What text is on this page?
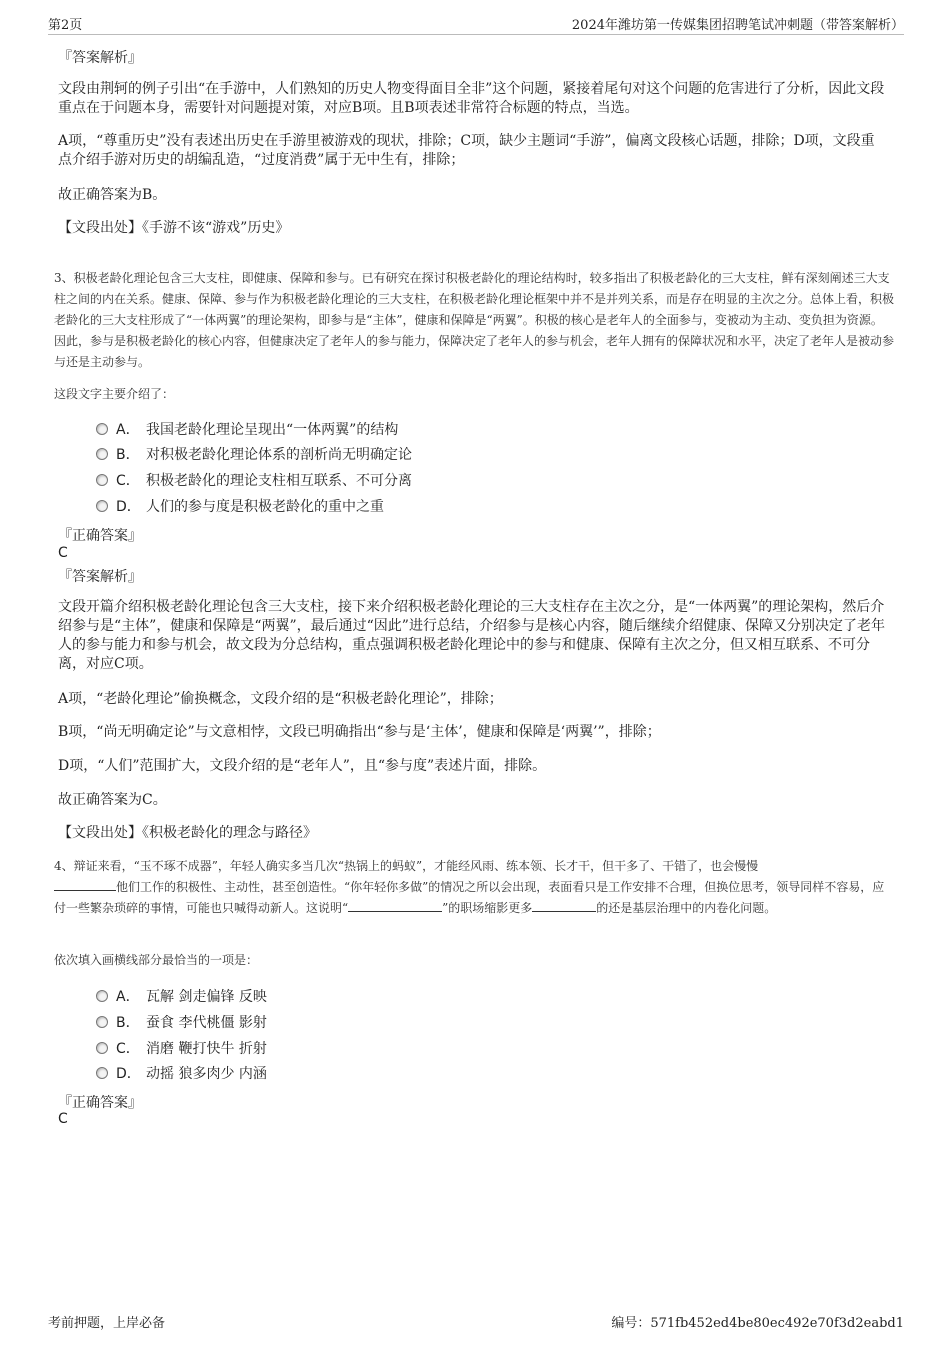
第2页	2024年潍坊第一传媒集团招聘笔试冲刺题（带答案解析）
『答案解析』
文段由荆轲的例子引出“在手游中，人们熟知的历史人物变得面目全非”这个问题，紧接着尾句对这个问题的危害进行了分析，因此文段重点在于问题本身，需要针对问题提对策，对应B项。且B项表述非常符合标题的特点，当选。
A项，“尊重历史”没有表述出历史在手游里被游戏的现状，排除；C项，缺少主题词“手游”，偏离文段核心话题，排除；D项，文段重点介绍手游对历史的胡编乱造，“过度消费”属于无中生有，排除；
故正确答案为B。
【文段出处】《手游不该“游戏”历史》
3、积极老龄化理论包含三大支柱，即健康、保障和参与。已有研究在探讨积极老龄化的理论结构时，较多指出了积极老龄化的三大支柱，鲜有深刻阐述三大支柱之间的内在关系。健康、保障、参与作为积极老龄化理论的三大支柱，在积极老龄化理论框架中并不是并列关系，而是存在明显的主次之分。总体上看，积极老龄化的三大支柱形成了“一体两翼”的理论架构，即参与是“主体”，健康和保障是“两翼”。积极的核心是老年人的全面参与，变被动为主动、变负担为资源。因此，参与是积极老龄化的核心内容，但健康决定了老年人的参与能力，保障决定了老年人的参与机会，老年人拥有的保障状况和水平，决定了老年人是被动参与还是主动参与。
这段文字主要介绍了：
A． 我国老龄化理论呈现出“一体两翼”的结构
B． 对积极老龄化理论体系的剖析尚无明确定论
C． 积极老龄化的理论支柱相互联系、不可分离
D． 人们的参与度是积极老龄化的重中之重
『正确答案』
C
『答案解析』
文段开篇介绍积极老龄化理论包含三大支柱，接下来介绍积极老龄化理论的三大支柱存在主次之分，是“一体两翼”的理论架构，然后介绍参与是“主体”，健康和保障是“两翼”，最后通过“因此”进行总结，介绍参与是核心内容，随后继续介绍健康、保障又分别决定了老年人的参与能力和参与机会，故文段为分总结构，重点强调积极老龄化理论中的参与和健康、保障有主次之分，但又相互联系、不可分离，对应C项。
A项，“老龄化理论”偷换概念，文段介绍的是“积极老龄化理论”，排除；
B项，“尚无明确定论”与文意相悖，文段已明确指出“参与是‘主体’，健康和保障是‘两翼’”，排除；
D项，“人们”范围扩大，文段介绍的是“老年人”，且“参与度”表述片面，排除。
故正确答案为C。
【文段出处】《积极老龄化的理念与路径》
4、辩证来看，“玉不琢不成器”，年轻人确实多当几次“热锅上的蚂蚁”，才能经风雨、练本领、长才干，但干多了、干错了，也会慢慢
他们工作的积极性、主动性，甚至创造性。“你年轻你多做”的情况之所以会出现，表面看只是工作安排不合理，但换位思考，领导同样不容易，应付一些繁杂琐碎的事情，可能也只喊得动新人。这说明“	”的职场缩影更多	的还是基层治理中的内卷化问题。
依次填入画横线部分最恰当的一项是：
A． 瓦解 剑走偏锋 反映
B． 蚕食 李代桃僵 影射
C． 消磨 鞭打快牛 折射
D． 动摇 狼多肉少 内涵
『正确答案』
C
考前押题，上岸必备	编号：571fb452ed4be80ec492e70f3d2eabd1
